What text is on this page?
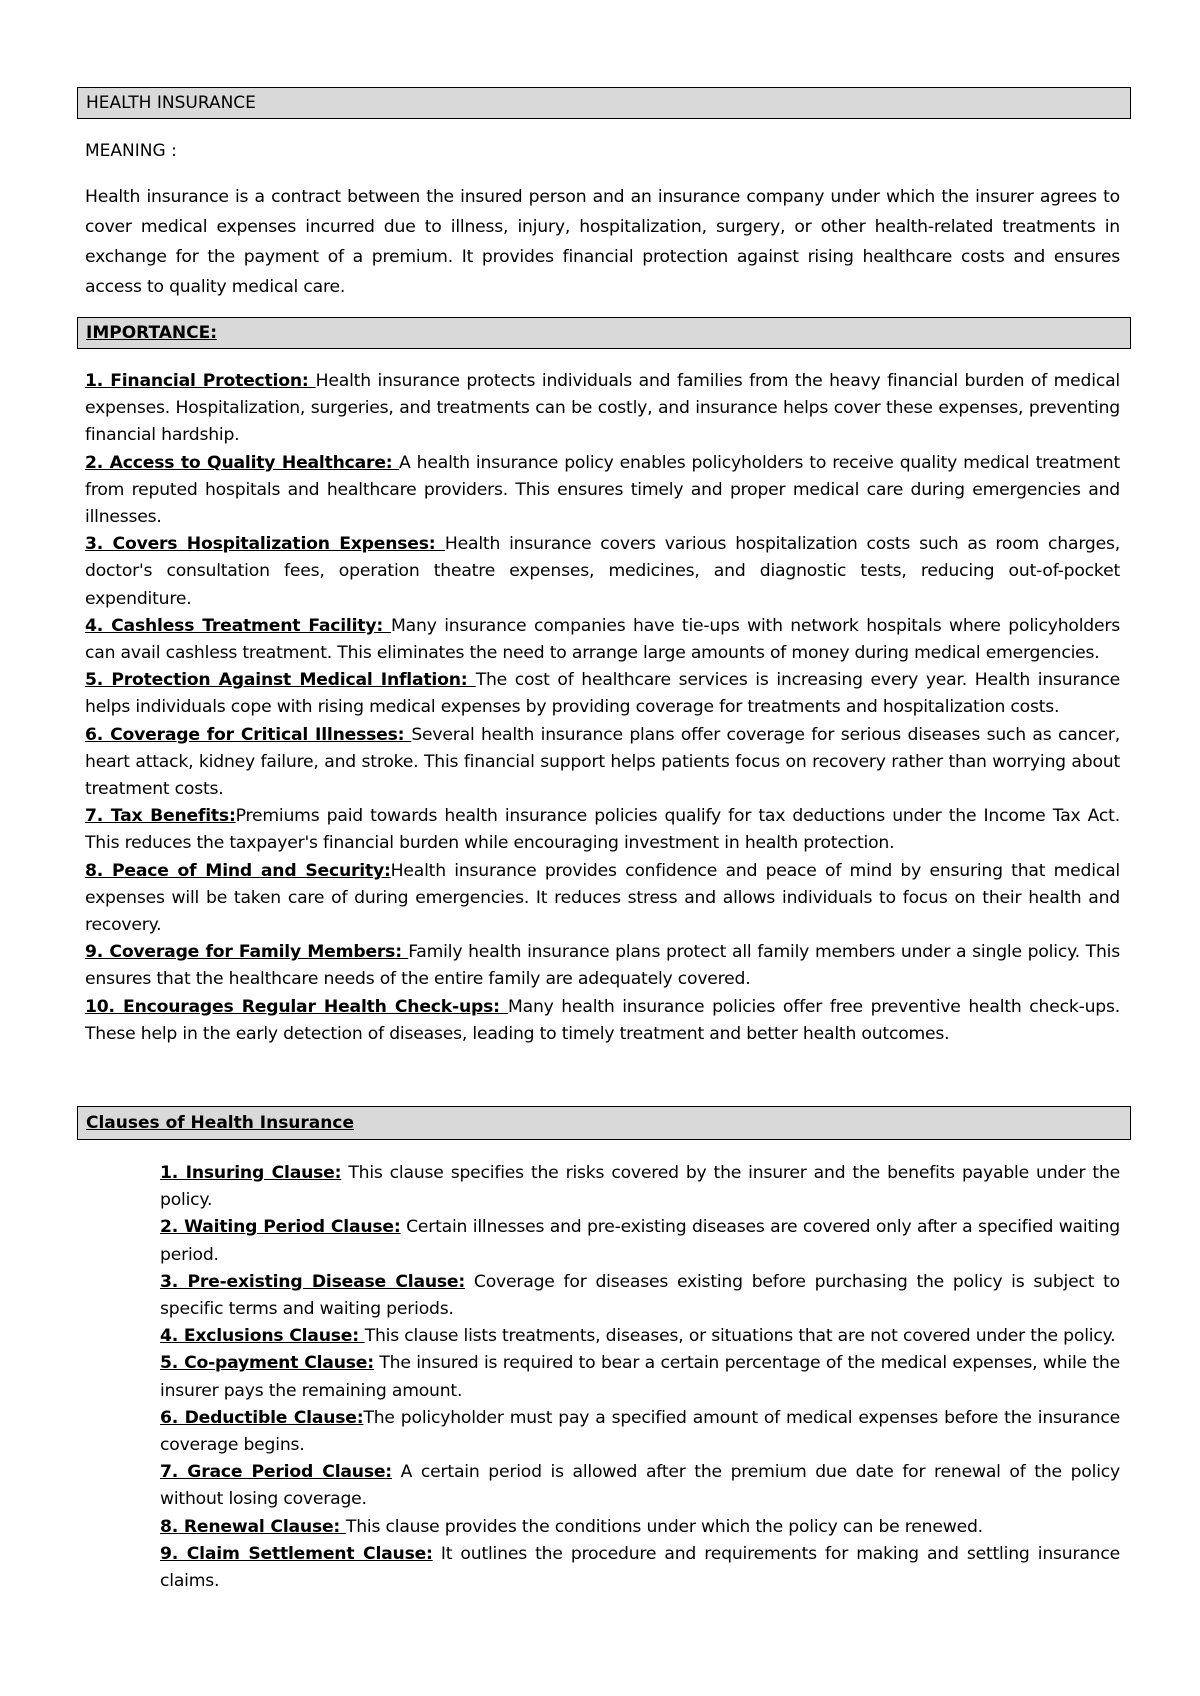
HEALTH INSURANCE
MEANING :

Health insurance is a contract between the insured person and an insurance company under which the insurer agrees to cover medical expenses incurred due to illness, injury, hospitalization, surgery, or other health-related treatments in exchange for the payment of a premium. It provides financial protection against rising healthcare costs and ensures access to quality medical care.

IMPORTANCE:
1. Financial Protection: Health insurance protects individuals and families from the heavy financial burden of medical expenses. Hospitalization, surgeries, and treatments can be costly, and insurance helps cover these expenses, preventing financial hardship.
2. Access to Quality Healthcare: A health insurance policy enables policyholders to receive quality medical treatment from reputed hospitals and healthcare providers. This ensures timely and proper medical care during emergencies and illnesses.
3. Covers Hospitalization Expenses: Health insurance covers various hospitalization costs such as room charges, doctor's consultation fees, operation theatre expenses, medicines, and diagnostic tests, reducing out-of-pocket expenditure.
4. Cashless Treatment Facility: Many insurance companies have tie-ups with network hospitals where policyholders can avail cashless treatment. This eliminates the need to arrange large amounts of money during medical emergencies.
5. Protection Against Medical Inflation: The cost of healthcare services is increasing every year. Health insurance helps individuals cope with rising medical expenses by providing coverage for treatments and hospitalization costs.
6. Coverage for Critical Illnesses: Several health insurance plans offer coverage for serious diseases such as cancer, heart attack, kidney failure, and stroke. This financial support helps patients focus on recovery rather than worrying about treatment costs.
7. Tax Benefits:Premiums paid towards health insurance policies qualify for tax deductions under the Income Tax Act. This reduces the taxpayer's financial burden while encouraging investment in health protection.
8. Peace of Mind and Security:Health insurance provides confidence and peace of mind by ensuring that medical expenses will be taken care of during emergencies. It reduces stress and allows individuals to focus on their health and recovery.
9. Coverage for Family Members: Family health insurance plans protect all family members under a single policy. This ensures that the healthcare needs of the entire family are adequately covered.
10. Encourages Regular Health Check-ups: Many health insurance policies offer free preventive health check-ups. These help in the early detection of diseases, leading to timely treatment and better health outcomes.
Clauses of Health Insurance
1. Insuring Clause: This clause specifies the risks covered by the insurer and the benefits payable under the policy.
2. Waiting Period Clause: Certain illnesses and pre-existing diseases are covered only after a specified waiting period.
3. Pre-existing Disease Clause: Coverage for diseases existing before purchasing the policy is subject to specific terms and waiting periods.
4. Exclusions Clause: This clause lists treatments, diseases, or situations that are not covered under the policy.
5. Co-payment Clause: The insured is required to bear a certain percentage of the medical expenses, while the insurer pays the remaining amount.
6. Deductible Clause:The policyholder must pay a specified amount of medical expenses before the insurance coverage begins.
7. Grace Period Clause: A certain period is allowed after the premium due date for renewal of the policy without losing coverage.
8. Renewal Clause: This clause provides the conditions under which the policy can be renewed.
9. Claim Settlement Clause: It outlines the procedure and requirements for making and settling insurance claims.
